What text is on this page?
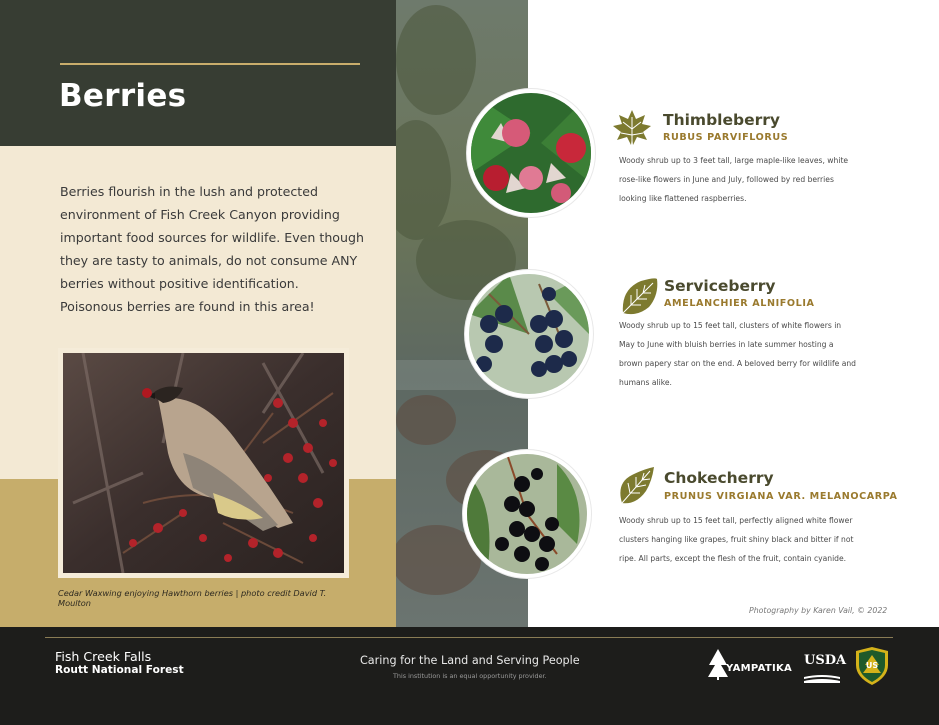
Berries
Berries flourish in the lush and protected environment of Fish Creek Canyon providing important food sources for wildlife. Even though they are tasty to animals, do not consume ANY berries without positive identification. Poisonous berries are found in this area!
Cedar Waxwing enjoying Hawthorn berries | photo credit David T. Moulton
Thimbleberry
RUBUS PARVIFLORUS
Woody shrub up to 3 feet tall, large maple-like leaves, white rose-like flowers in June and July, followed by red berries looking like flattened raspberries.
Serviceberry
AMELANCHIER ALNIFOLIA
Woody shrub up to 15 feet tall, clusters of white flowers in May to June with bluish berries in late summer hosting a brown papery star on the end. A beloved berry for wildlife and humans alike.
Chokecherry
PRUNUS VIRGIANA VAR. MELANOCARPA
Woody shrub up to 15 feet tall, perfectly aligned white flower clusters hanging like grapes, fruit shiny black and bitter if not ripe. All parts, except the flesh of the fruit, contain cyanide.
Photography by Karen Vail, © 2022
Fish Creek Falls
Routt National Forest
Caring for the Land and Serving People
This institution is an equal opportunity provider.
YAMPATIKA
USDA	US
